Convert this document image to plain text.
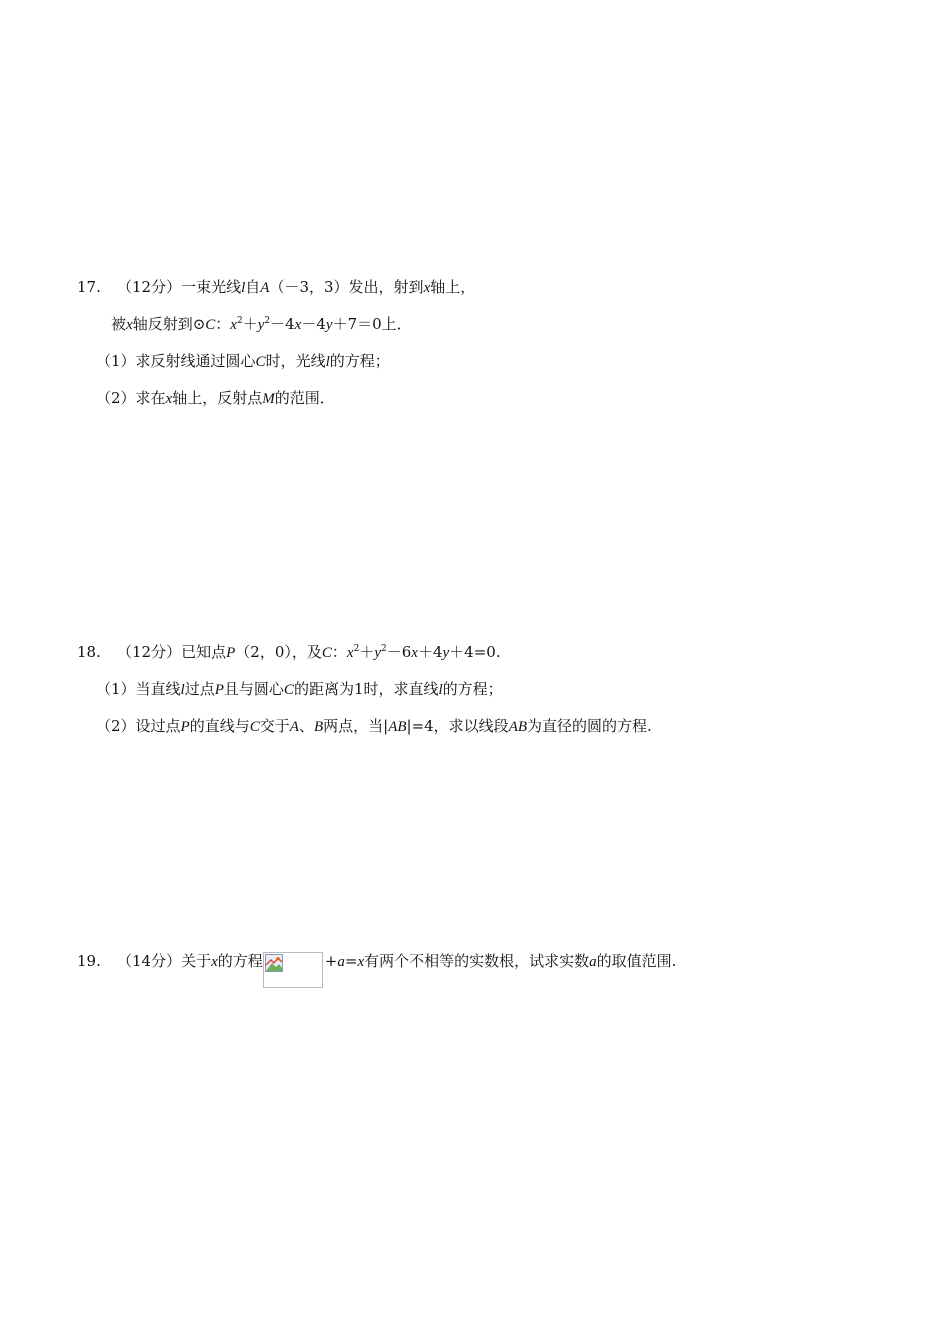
17. （12分）一束光线l自A（－3，3）发出，射到x轴上，
被x轴反射到⊙C：$x^2+y^2-4x-4y+7=0$上．
（1）求反射线通过圆心C时，光线l的方程；
（2）求在x轴上，反射点M的范围．
18. （12分）已知点P（2，0），及C：$x^2+y^2-6x+4y+4=0$.
（1）当直线l过点P且与圆心C的距离为1时，求直线l的方程；
（2）设过点P的直线与C交于A、B两点，当|AB|=4，求以线段AB为直径的圆的方程.
19. （14分）关于x的方程	+a=x有两个不相等的实数根，试求实数a的取值范围.
